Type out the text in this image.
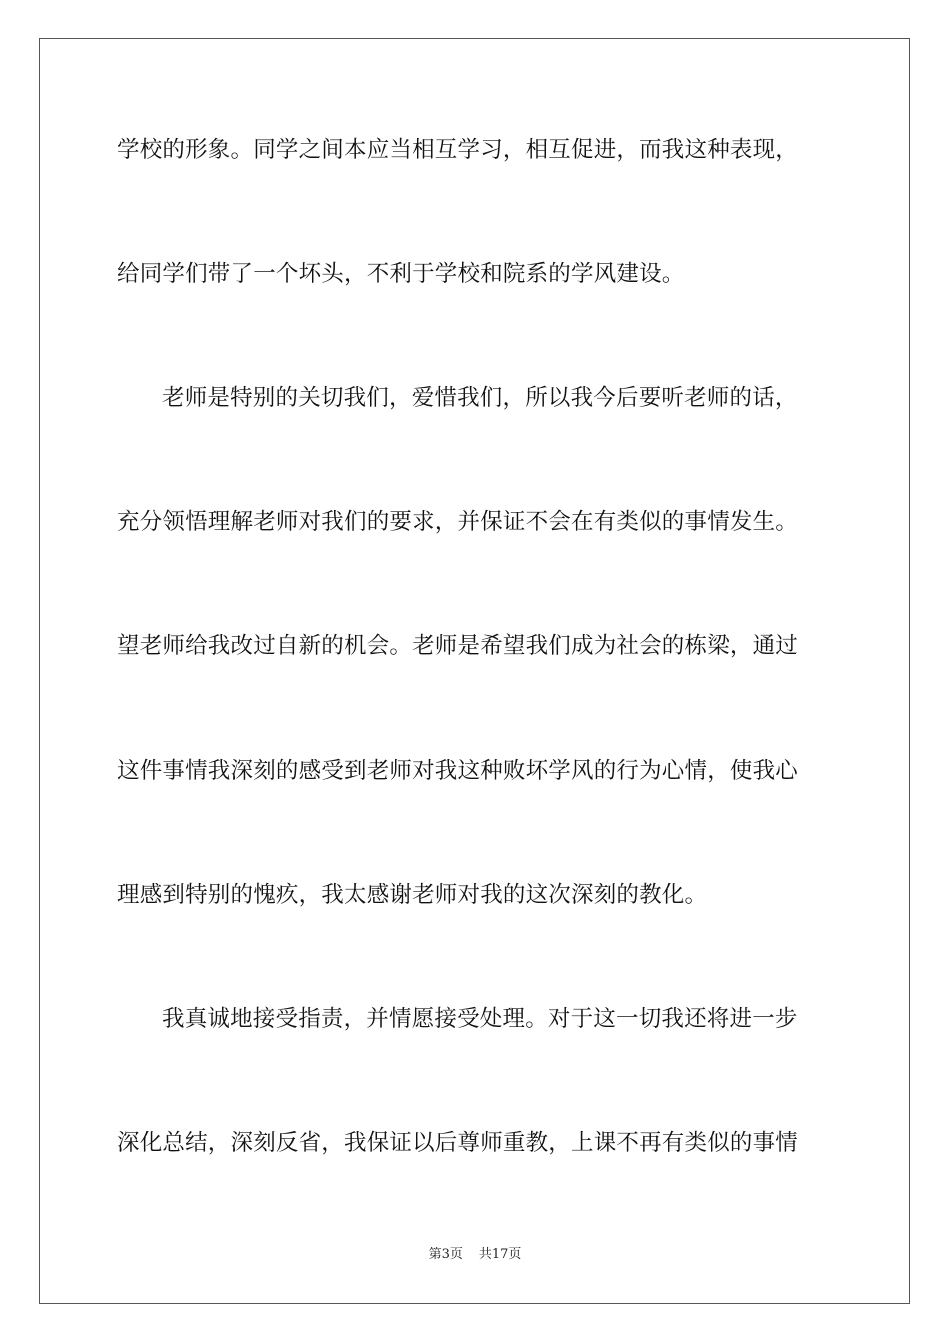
学校的形象。同学之间本应当相互学习，相互促进，而我这种表现，
给同学们带了一个坏头，不利于学校和院系的学风建设。
老师是特别的关切我们，爱惜我们，所以我今后要听老师的话，
充分领悟理解老师对我们的要求，并保证不会在有类似的事情发生。
望老师给我改过自新的机会。老师是希望我们成为社会的栋梁，通过
这件事情我深刻的感受到老师对我这种败坏学风的行为心情，使我心
理感到特别的愧疚，我太感谢老师对我的这次深刻的教化。
我真诚地接受指责，并情愿接受处理。对于这一切我还将进一步
深化总结，深刻反省，我保证以后尊师重教，上课不再有类似的事情
第3页 共17页
